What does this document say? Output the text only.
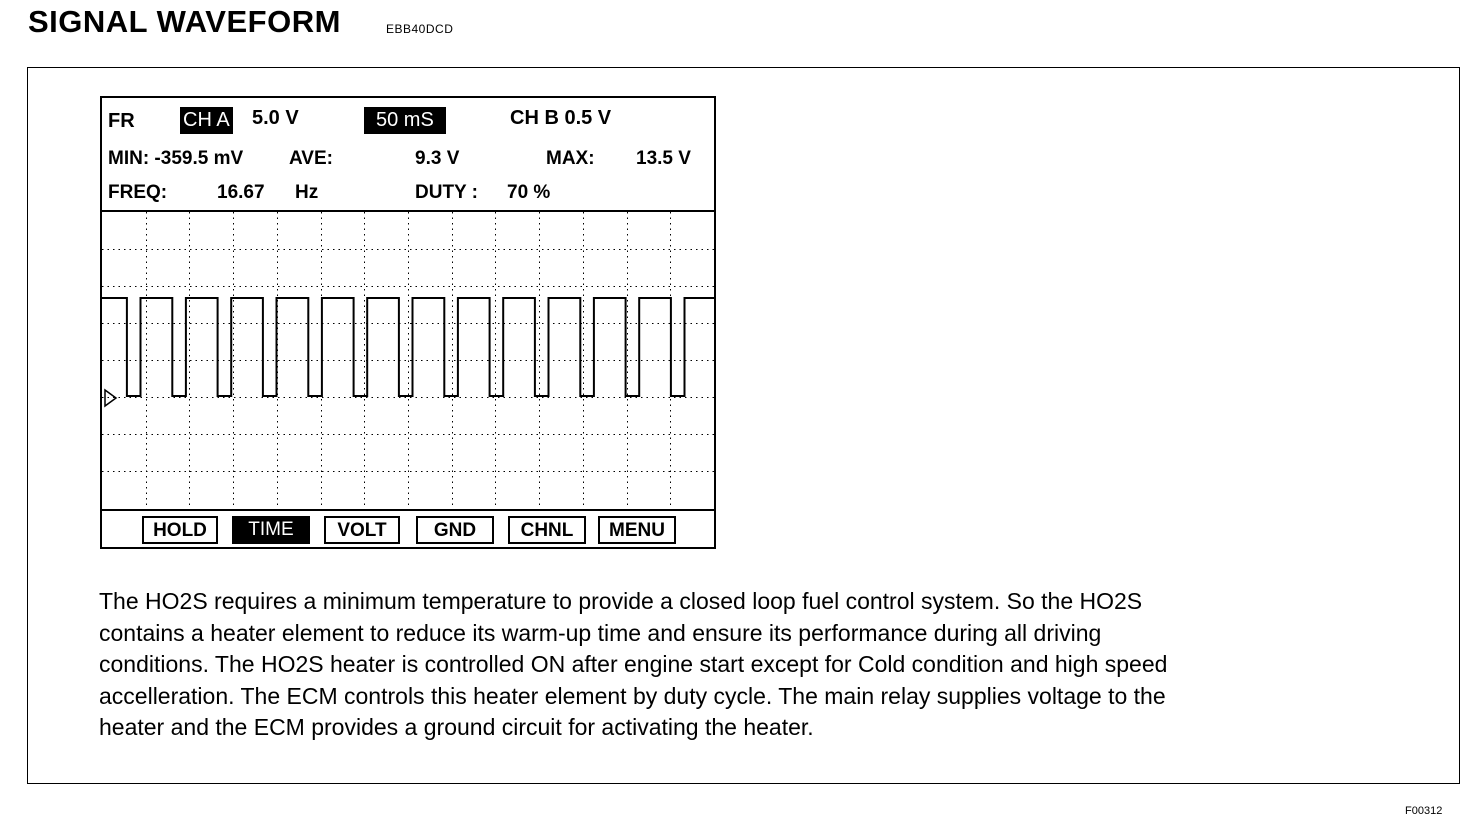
SIGNAL WAVEFORM	EBB40DCD
FR CH A 5.0 V	50 mS	CH B 0.5 V
MIN: -359.5 mV AVE:	9.3 V	MAX: 13.5 V
FREQ:	16.67 Hz	DUTY : 70 %
HOLD	TIME	VOLT	GND	CHNL	MENU

The HO2S requires a minimum temperature to provide a closed loop fuel control system. So the HO2S

contains a heater element to reduce its warm-up time and ensure its performance during all driving

conditions. The HO2S heater is controlled ON after engine start except for Cold condition and high speed

accelleration. The ECM controls this heater element by duty cycle. The main relay supplies voltage to the

heater and the ECM provides a ground circuit for activating the heater.

F00312
